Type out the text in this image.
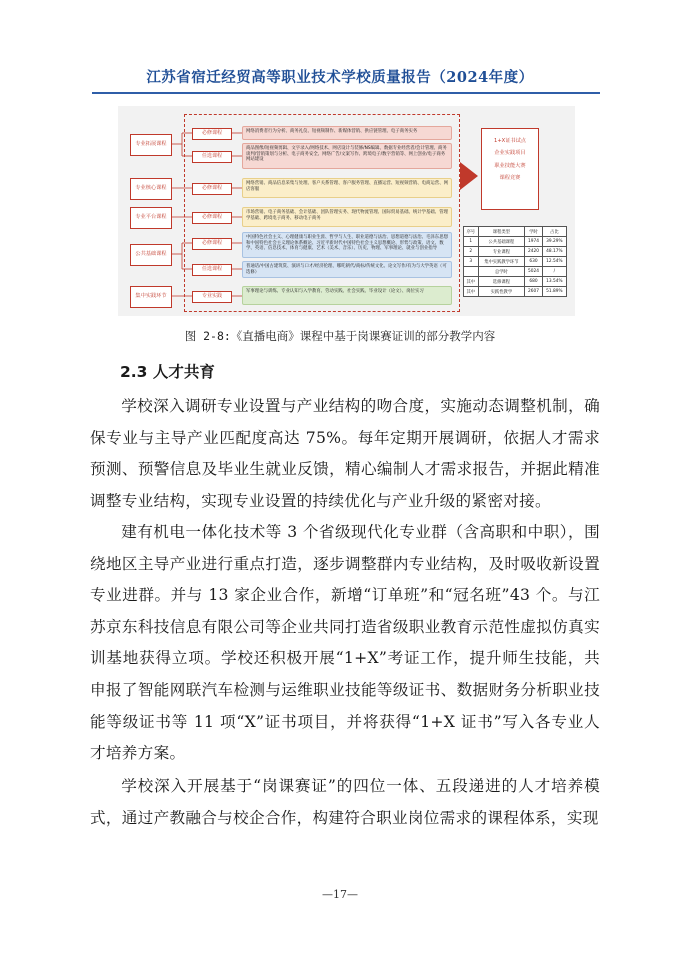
江苏省宿迁经贸高等职业技术学校质量报告（2024年度）
专业拓展课程
专业核心课程
专业平台课程
公共基础课程
集中实践环节
必修课程
任选课程
必修课程
必修课程
必修课程
任选课程
专业实践
网络消费者行为分析、商务礼仪、短视频制作、新媒体营销、供应链管理、电子商务实务
商品图像/短视频剪辑、文字录入/网络技术、网店设计与装修/NS编辑、数据专业经营者/会计管理、商务谈判/营销策划与分析、电子商务安全、网络广告/文案写作、跨境电子/数字营销等、网上创业/电子商务网站建设
网络营销、商品信息采集与处理、客户关系管理、客户服务管理、直播运营、短视频营销、电商运营、网店客服
市场营销、电子商务基础、会计基础、团队管理实务、现代物流管理、国际贸易基础、统计学基础、管理学基础、跨境电子商务、移动电子商务
中国特色社会主义、心理健康与职业生涯、哲学与人生、职业道德与法治、思想道德与法治、毛泽东思想和中国特色社会主义理论体系概论、习近平新时代中国特色社会主义思想概论、形势与政策、语文、数学、英语、信息技术、体育与健康、艺术（美术、音乐）、历史、物理、军事理论、就业与创业指导
普通话/中国古建筑赏、演讲与口才/经济伦理、哪吒朝代/商标/传统文化、论文写作/有为与大学英语（可选修）
军事理论与训练、专业认知与入学教育、劳动实践、社会实践、毕业设计（论文）、岗位实习
1+X证书试点
企业实践项目
职业技能大赛
课程竞赛
序号	课程类型	学时	占比
1	公共基础课程	1974	39.29%
2	专业课程	2420	48.17%
3	集中实践教学环节	630	12.54%
	总学时	5024	/
其中	选修课程	680	13.54%
其中	实践性教学	2607	51.89%
图 2-8:《直播电商》课程中基于岗课赛证训的部分教学内容
2.3 人才共育
学校深入调研专业设置与产业结构的吻合度，实施动态调整机制，确保专业与主导产业匹配度高达 75%。每年定期开展调研，依据人才需求预测、预警信息及毕业生就业反馈，精心编制人才需求报告，并据此精准调整专业结构，实现专业设置的持续优化与产业升级的紧密对接。
建有机电一体化技术等 3 个省级现代化专业群（含高职和中职），围绕地区主导产业进行重点打造，逐步调整群内专业结构，及时吸收新设置专业进群。并与 13 家企业合作，新增“订单班”和“冠名班”43 个。与江苏京东科技信息有限公司等企业共同打造省级职业教育示范性虚拟仿真实训基地获得立项。学校还积极开展“1+X”考证工作，提升师生技能，共申报了智能网联汽车检测与运维职业技能等级证书、数据财务分析职业技能等级证书等 11 项“X”证书项目，并将获得“1+X 证书”写入各专业人才培养方案。
学校深入开展基于“岗课赛证”的四位一体、五段递进的人才培养模式，通过产教融合与校企合作，构建符合职业岗位需求的课程体系，实现
—17—
